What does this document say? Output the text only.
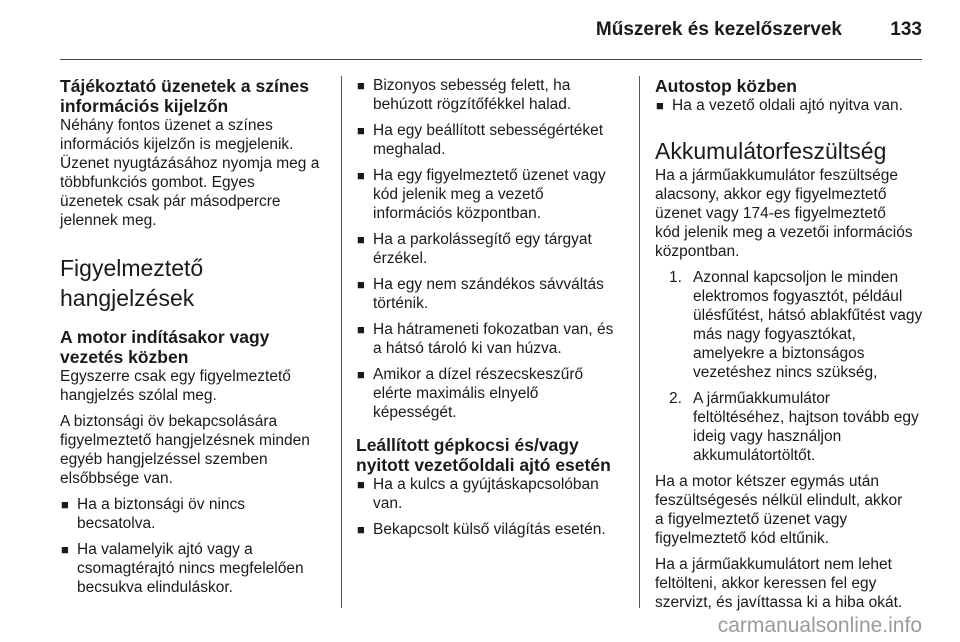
Műszerek és kezelőszervek	133
Tájékoztató üzenetek a színes
információs kijelzőn

Néhány fontos üzenet a színes
információs kijelzőn is megjelenik.
Üzenet nyugtázásához nyomja meg a
többfunkciós gombot. Egyes
üzenetek csak pár másodpercre
jelennek meg.

Figyelmeztető
hangjelzések
A motor indításakor vagy
vezetés közben

Egyszerre csak egy figyelmeztető
hangjelzés szólal meg.

A biztonsági öv bekapcsolására
figyelmeztető hangjelzésnek minden
egyéb hangjelzéssel szemben
elsőbbsége van.

■ Ha a biztonsági öv nincs
becsatolva.
■ Ha valamelyik ajtó vagy a
csomagtérajtó nincs megfelelően
becsukva elinduláskor.
■ Bizonyos sebesség felett, ha
behúzott rögzítőfékkel halad.
■ Ha egy beállított sebességértéket
meghalad.
■ Ha egy figyelmeztető üzenet vagy
kód jelenik meg a vezető
információs központban.
■ Ha a parkolássegítő egy tárgyat
érzékel.
■ Ha egy nem szándékos sávváltás
történik.
■ Ha hátrameneti fokozatban van, és
a hátsó tároló ki van húzva.
■ Amikor a dízel részecskeszűrő
elérte maximális elnyelő
képességét.
Leállított gépkocsi és/vagy
nyitott vezetőoldali ajtó esetén
■ Ha a kulcs a gyújtáskapcsolóban
van.
■ Bekapcsolt külső világítás esetén.
Autostop közben
■ Ha a vezető oldali ajtó nyitva van.
Akkumulátorfeszültség

Ha a járműakkumulátor feszültsége
alacsony, akkor egy figyelmeztető
üzenet vagy 174-es figyelmeztető
kód jelenik meg a vezetői információs
központban.

1. Azonnal kapcsoljon le minden
elektromos fogyasztót, például
ülésfűtést, hátsó ablakfűtést vagy
más nagy fogyasztókat,
amelyekre a biztonságos
vezetéshez nincs szükség,
2. A járműakkumulátor
feltöltéséhez, hajtson tovább egy
ideig vagy használjon
akkumulátortöltőt.

Ha a motor kétszer egymás után
feszültségesés nélkül elindult, akkor
a figyelmeztető üzenet vagy
figyelmeztető kód eltűnik.

Ha a járműakkumulátort nem lehet
feltölteni, akkor keressen fel egy
szervizt, és javíttassa ki a hiba okát.

carmanualsonline.info
